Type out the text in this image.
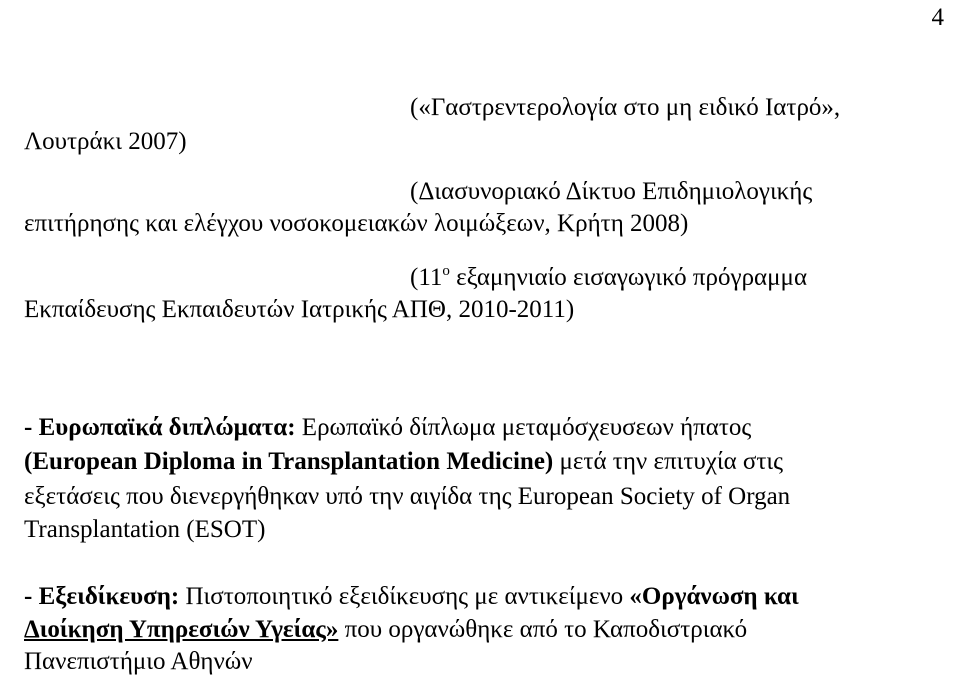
4
(«Γαστρεντερολογία στο μη ειδικό Ιατρό»,
Λουτράκι 2007)
(Διασυνοριακό Δίκτυο Επιδημιολογικής
επιτήρησης και ελέγχου νοσοκομειακών λοιμώξεων, Κρήτη 2008)
($11^o$ εξαμηνιαίο εισαγωγικό πρόγραμμα
Εκπαίδευσης Εκπαιδευτών Ιατρικής ΑΠΘ, 2010-2011)
- Ευρωπαϊκά διπλώματα: Ερωπαϊκό δίπλωμα μεταμόσχευσεων ήπατος
(European Diploma in Transplantation Medicine) μετά την επιτυχία στις
εξετάσεις που διενεργήθηκαν υπό την αιγίδα της European Society of Organ
Transplantation (ESOT)
- Εξειδίκευση: Πιστοποιητικό εξειδίκευσης με αντικείμενο «Οργάνωση και
Διοίκηση Υπηρεσιών Υγείας» που οργανώθηκε από το Καποδιστριακό
Πανεπιστήμιο Αθηνών
